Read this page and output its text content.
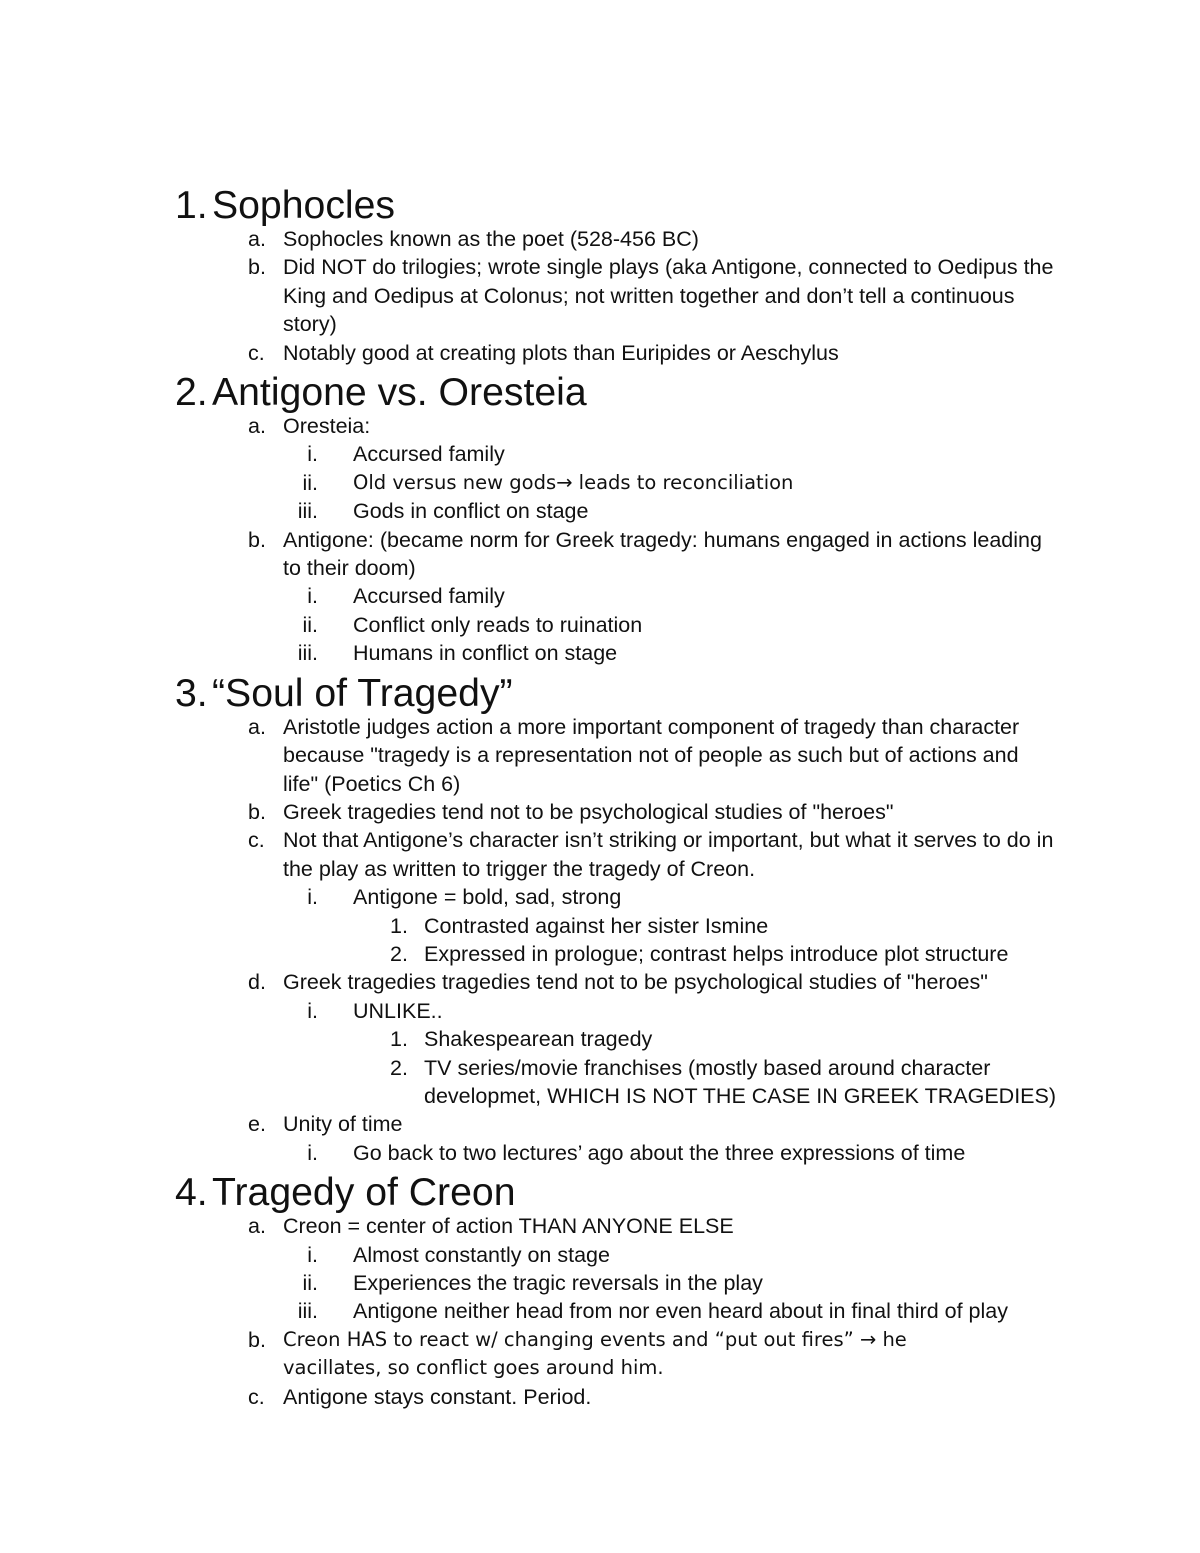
1. Sophocles
a. Sophocles known as the poet (528-456 BC)
b. Did NOT do trilogies; wrote single plays (aka Antigone, connected to Oedipus the
King and Oedipus at Colonus; not written together and don’t tell a continuous
story)
c. Notably good at creating plots than Euripides or Aeschylus
2. Antigone vs. Oresteia
a. Oresteia:
i. Accursed family
ii. Old versus new gods→ leads to reconciliation
iii. Gods in conflict on stage
b. Antigone: (became norm for Greek tragedy: humans engaged in actions leading
to their doom)
i. Accursed family
ii. Conflict only reads to ruination
iii. Humans in conflict on stage
3. “Soul of Tragedy”
a. Aristotle judges action a more important component of tragedy than character
because "tragedy is a representation not of people as such but of actions and
life" (Poetics Ch 6)
b. Greek tragedies tend not to be psychological studies of "heroes"
c. Not that Antigone’s character isn’t striking or important, but what it serves to do in
the play as written to trigger the tragedy of Creon.
i. Antigone = bold, sad, strong
1. Contrasted against her sister Ismine
2. Expressed in prologue; contrast helps introduce plot structure
d. Greek tragedies tragedies tend not to be psychological studies of "heroes"
i. UNLIKE..
1. Shakespearean tragedy
2. TV series/movie franchises (mostly based around character
developmet, WHICH IS NOT THE CASE IN GREEK TRAGEDIES)
e. Unity of time
i. Go back to two lectures’ ago about the three expressions of time
4. Tragedy of Creon
a. Creon = center of action THAN ANYONE ELSE
i. Almost constantly on stage
ii. Experiences the tragic reversals in the play
iii. Antigone neither head from nor even heard about in final third of play
b. Creon HAS to react w/ changing events and “put out fires” → he
vacillates, so conflict goes around him.
c. Antigone stays constant. Period.
